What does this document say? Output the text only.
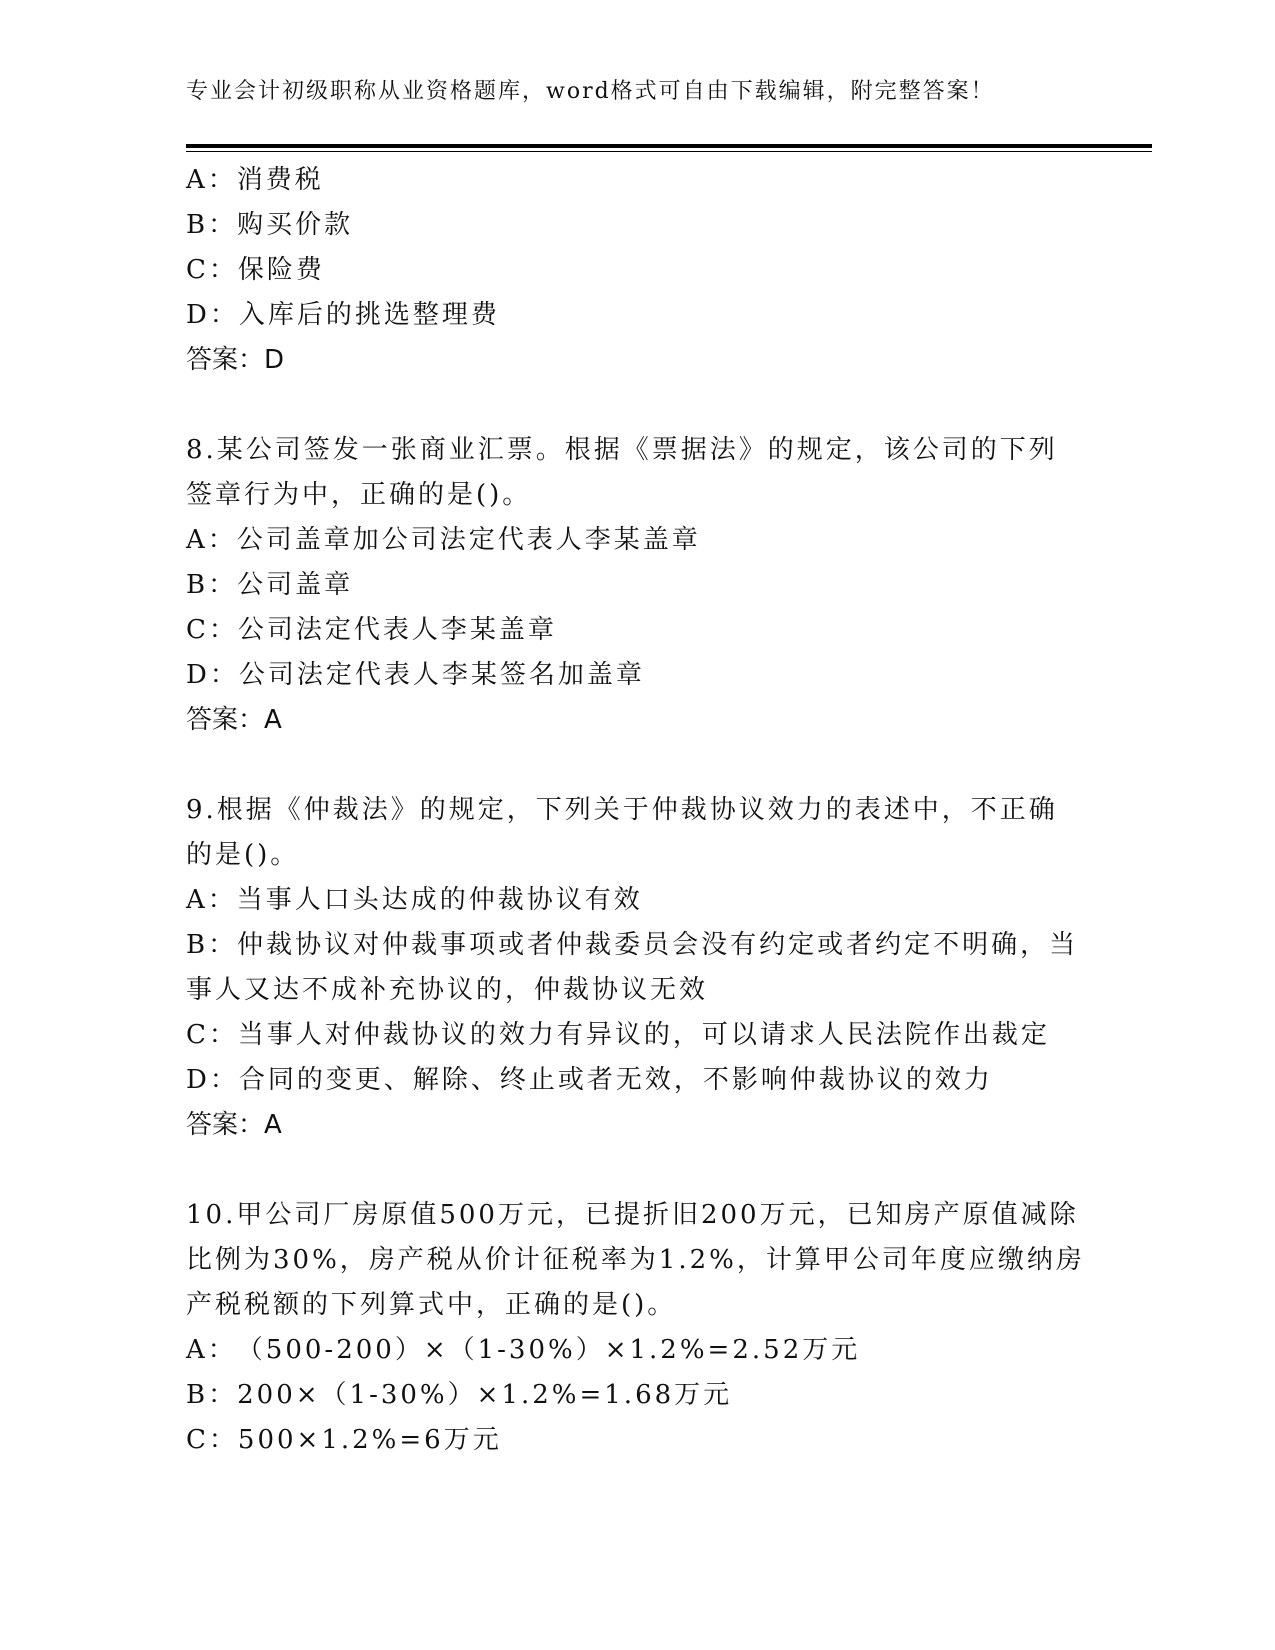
专业会计初级职称从业资格题库，word格式可自由下载编辑，附完整答案！
A：消费税
B：购买价款
C：保险费
D：入库后的挑选整理费
答案：D
8.某公司签发一张商业汇票。根据《票据法》的规定，该公司的下列
签章行为中，正确的是()。
A：公司盖章加公司法定代表人李某盖章
B：公司盖章
C：公司法定代表人李某盖章
D：公司法定代表人李某签名加盖章
答案：A
9.根据《仲裁法》的规定，下列关于仲裁协议效力的表述中，不正确
的是()。
A：当事人口头达成的仲裁协议有效
B：仲裁协议对仲裁事项或者仲裁委员会没有约定或者约定不明确，当
事人又达不成补充协议的，仲裁协议无效
C：当事人对仲裁协议的效力有异议的，可以请求人民法院作出裁定
D：合同的变更、解除、终止或者无效，不影响仲裁协议的效力
答案：A
10.甲公司厂房原值500万元，已提折旧200万元，已知房产原值减除
比例为30%，房产税从价计征税率为1.2%，计算甲公司年度应缴纳房
产税税额的下列算式中，正确的是()。
A：（500-200）×（1-30%）×1.2%=2.52万元
B：200×（1-30%）×1.2%=1.68万元
C：500×1.2%=6万元
